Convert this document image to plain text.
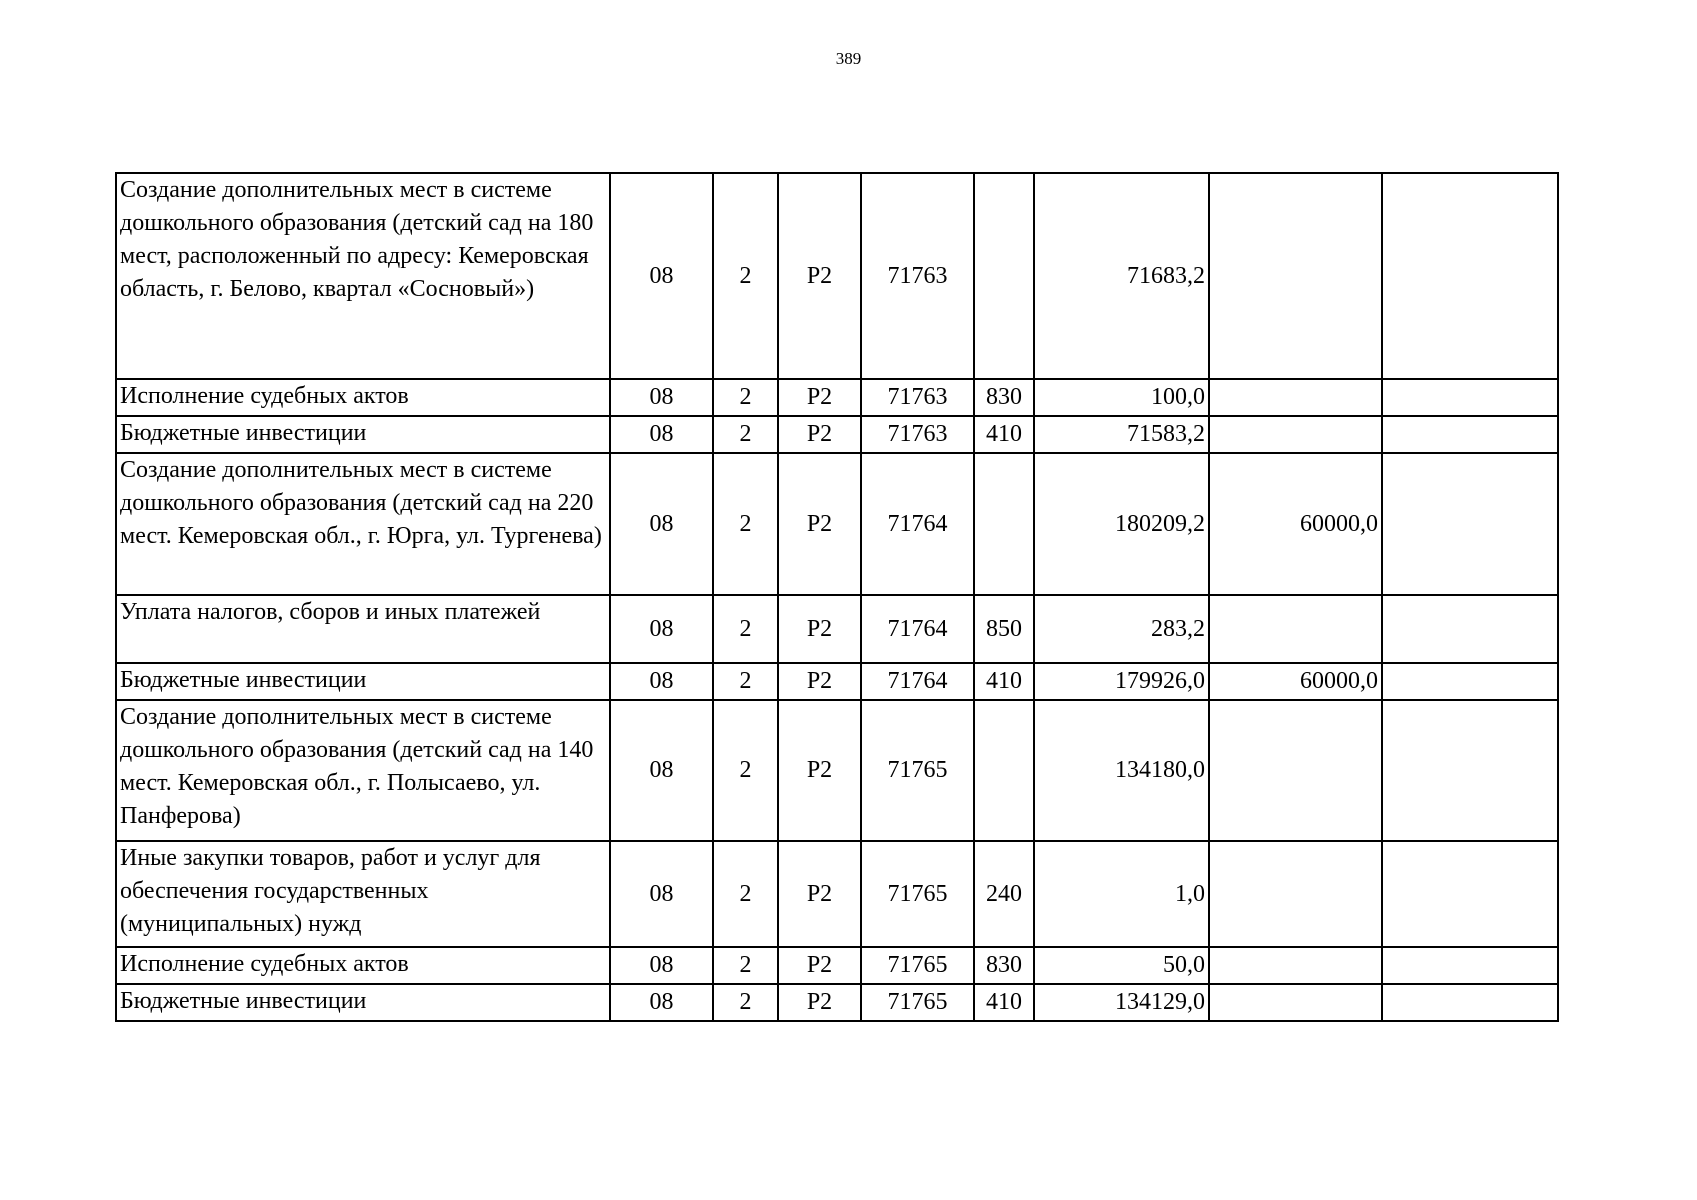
389
Создание дополнительных мест в системе дошкольного образования (детский сад на 180 мест, расположенный по адресу: Кемеровская область, г. Белово, квартал «Сосновый»)	08	2	P2	71763		71683,2		
Исполнение судебных актов	08	2	P2	71763	830	100,0		
Бюджетные инвестиции	08	2	P2	71763	410	71583,2		
Создание дополнительных мест в системе дошкольного образования (детский сад на 220 мест. Кемеровская обл., г. Юрга, ул. Тургенева)	08	2	P2	71764		180209,2	60000,0	
Уплата налогов, сборов и иных платежей	08	2	P2	71764	850	283,2		
Бюджетные инвестиции	08	2	P2	71764	410	179926,0	60000,0	
Создание дополнительных мест в системе дошкольного образования (детский сад на 140 мест. Кемеровская обл., г. Полысаево, ул. Панферова)	08	2	P2	71765		134180,0		
Иные закупки товаров, работ и услуг для обеспечения государственных (муниципальных) нужд	08	2	P2	71765	240	1,0		
Исполнение судебных актов	08	2	P2	71765	830	50,0		
Бюджетные инвестиции	08	2	P2	71765	410	134129,0		
